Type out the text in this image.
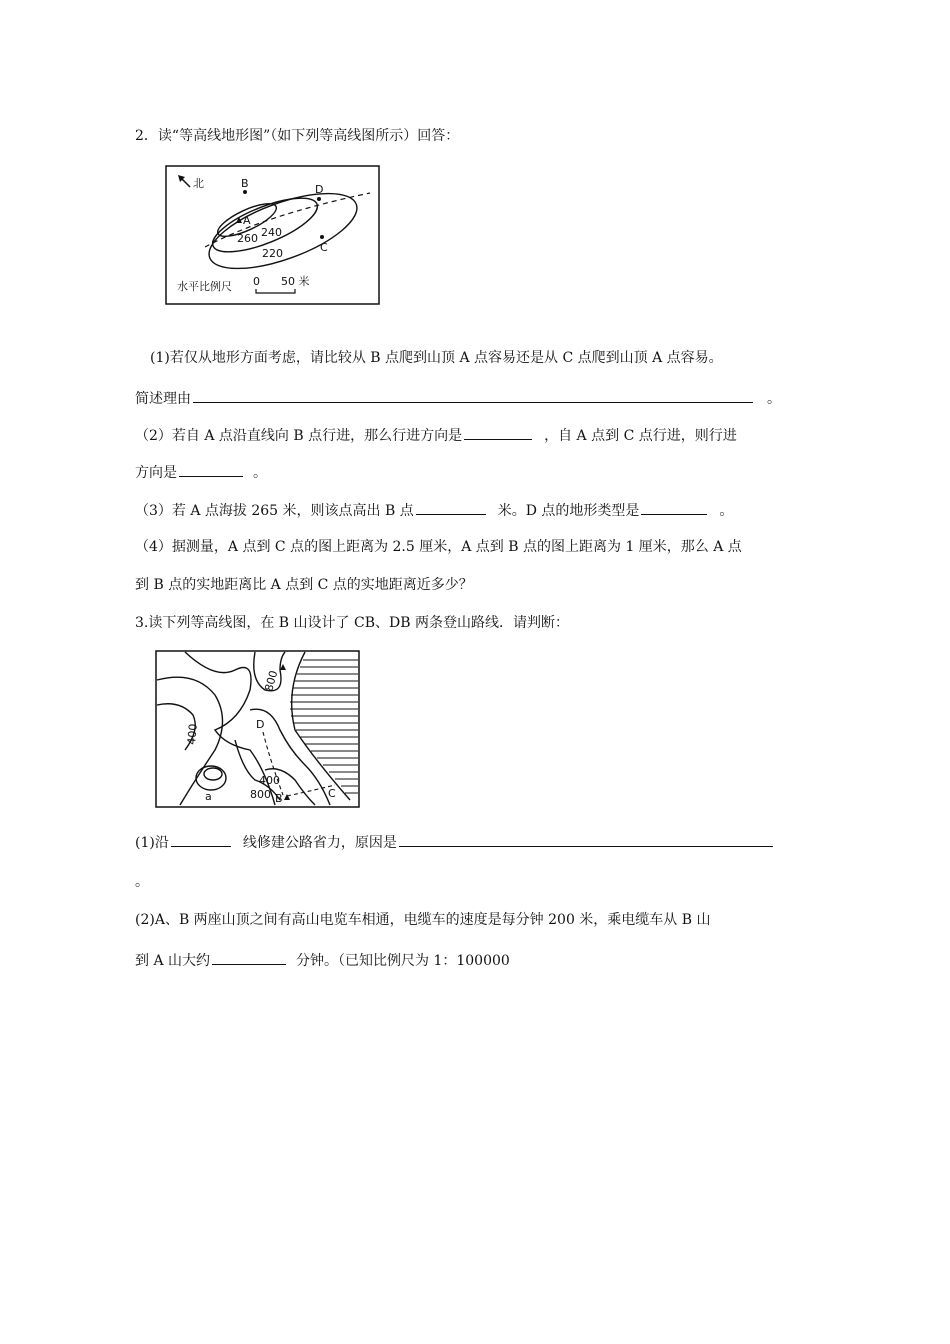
2．读“等高线地形图”（如下列等高线图所示）回答：
北	B	D
A
260 240
220	C
水平比例尺 0 50 米
(1)若仅从地形方面考虑，请比较从 B 点爬到山顶 A 点容易还是从 C 点爬到山顶 A 点容易。
简述理由	。
（2）若自 A 点沿直线向 B 点行进，那么行进方向是	，自 A 点到 C 点行进，则行进
方向是	。
（3）若 A 点海拔 265 米，则该点高出 B 点	米。D 点的地形类型是	。
（4）据测量，A 点到 C 点的图上距离为 2.5 厘米，A 点到 B 点的图上距离为 1 厘米，那么 A 点
到 B 点的实地距离比 A 点到 C 点的实地距离近多少？
3.读下列等高线图，在 B 山设计了 CB、DB 两条登山路线．请判断：
800
D
400
a
400
800 B	C
(1)沿	线修建公路省力，原因是
。
(2)A、B 两座山顶之间有高山电览车相通，电缆车的速度是每分钟 200 米，乘电缆车从 B 山
到 A 山大约	分钟。（已知比例尺为 1：100000
